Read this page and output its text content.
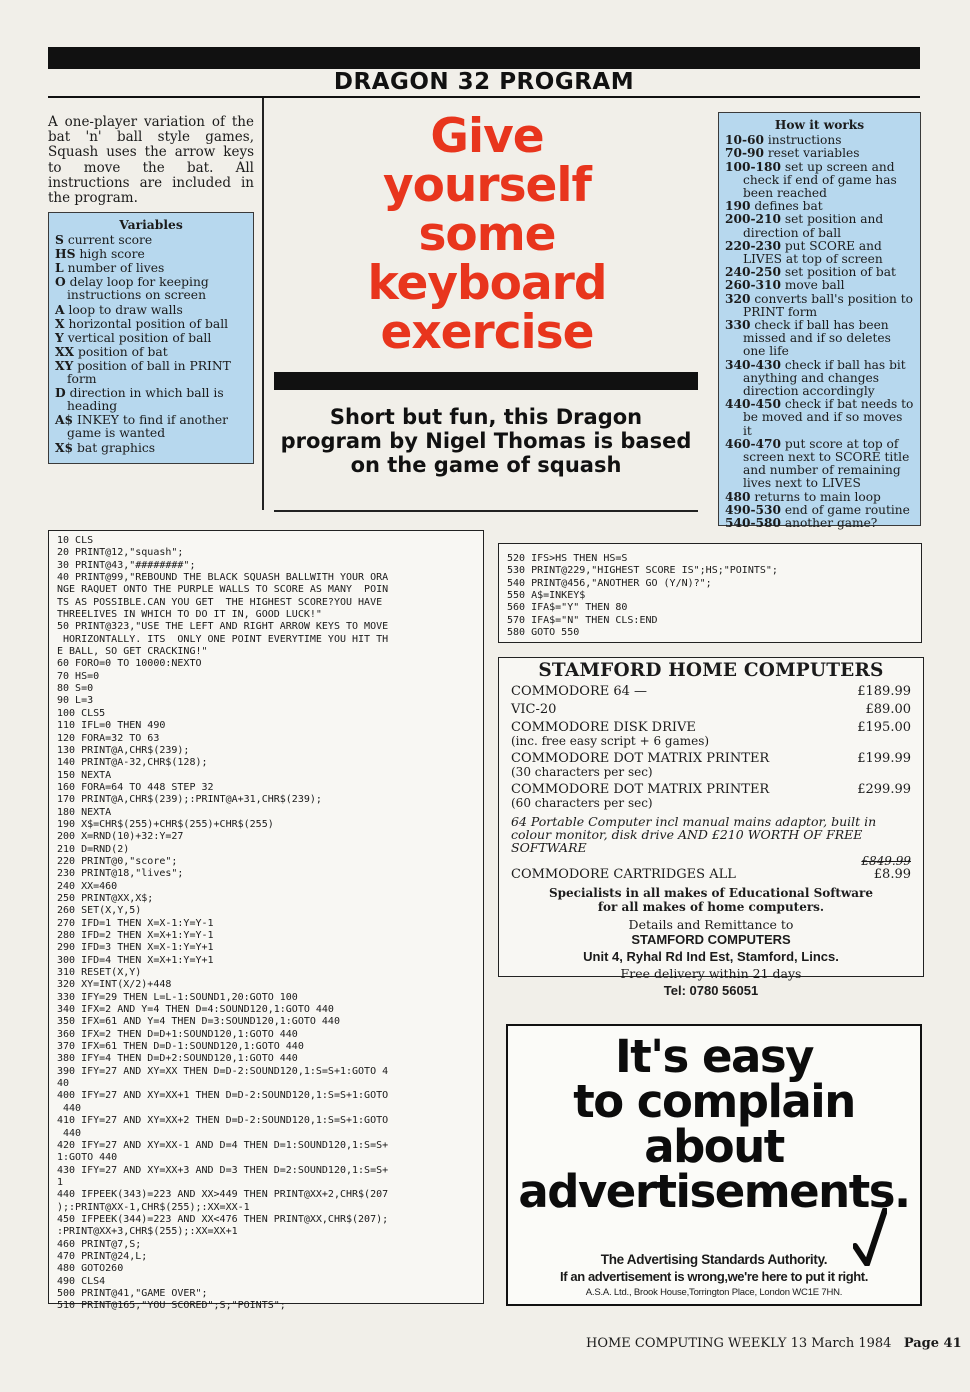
DRAGON 32 PROGRAM
A one-player variation of the bat 'n' ball style games, Squash uses the arrow keys to move the bat. All instructions are included in the program.
Variables
S current score
HS high score
L number of lives
O delay loop for keeping instructions on screen
A loop to draw walls
X horizontal position of ball
Y vertical position of ball
XX position of bat
XY position of ball in PRINT form
D direction in which ball is heading
A$ INKEY to find if another game is wanted
X$ bat graphics
Give
yourself
some
keyboard
exercise
Short but fun, this Dragon program by Nigel Thomas is based on the game of squash
How it works
10-60 instructions
70-90 reset variables
100-180 set up screen and check if end of game has been reached
190 defines bat
200-210 set position and direction of ball
220-230 put SCORE and LIVES at top of screen
240-250 set position of bat
260-310 move ball
320 converts ball's position to PRINT form
330 check if ball has been missed and if so deletes one life
340-430 check if ball has bit anything and changes direction accordingly
440-450 check if bat needs to be moved and if so moves it
460-470 put score at top of screen next to SCORE title and number of remaining lives next to LIVES
480 returns to main loop
490-530 end of game routine
540-580 another game?
10 CLS
20 PRINT@12,"squash";
30 PRINT@43,"########";
40 PRINT@99,"REBOUND THE BLACK SQUASH BALLWITH YOUR ORA
NGE RAQUET ONTO THE PURPLE WALLS TO SCORE AS MANY  POIN
TS AS POSSIBLE.CAN YOU GET  THE HIGHEST SCORE?YOU HAVE
THREELIVES IN WHICH TO DO IT IN, GOOD LUCK!"
50 PRINT@323,"USE THE LEFT AND RIGHT ARROW KEYS TO MOVE
HORIZONTALLY. ITS  ONLY ONE POINT EVERYTIME YOU HIT TH
E BALL, SO GET CRACKING!"
60 FORO=0 TO 10000:NEXTO
70 HS=0
80 S=0
90 L=3
100 CLS5
110 IFL=0 THEN 490
120 FORA=32 TO 63
130 PRINT@A,CHR$(239);
140 PRINT@A-32,CHR$(128);
150 NEXTA
160 FORA=64 TO 448 STEP 32
170 PRINT@A,CHR$(239);:PRINT@A+31,CHR$(239);
180 NEXTA
190 X$=CHR$(255)+CHR$(255)+CHR$(255)
200 X=RND(10)+32:Y=27
210 D=RND(2)
220 PRINT@0,"score";
230 PRINT@18,"lives";
240 XX=460
250 PRINT@XX,X$;
260 SET(X,Y,5)
270 IFD=1 THEN X=X-1:Y=Y-1
280 IFD=2 THEN X=X+1:Y=Y-1
290 IFD=3 THEN X=X-1:Y=Y+1
300 IFD=4 THEN X=X+1:Y=Y+1
310 RESET(X,Y)
320 XY=INT(X/2)+448
330 IFY=29 THEN L=L-1:SOUND1,20:GOTO 100
340 IFX=2 AND Y=4 THEN D=4:SOUND120,1:GOTO 440
350 IFX=61 AND Y=4 THEN D=3:SOUND120,1:GOTO 440
360 IFX=2 THEN D=D+1:SOUND120,1:GOTO 440
370 IFX=61 THEN D=D-1:SOUND120,1:GOTO 440
380 IFY=4 THEN D=D+2:SOUND120,1:GOTO 440
390 IFY=27 AND XY=XX THEN D=D-2:SOUND120,1:S=S+1:GOTO 4
40
400 IFY=27 AND XY=XX+1 THEN D=D-2:SOUND120,1:S=S+1:GOTO
440
410 IFY=27 AND XY=XX+2 THEN D=D-2:SOUND120,1:S=S+1:GOTO
440
420 IFY=27 AND XY=XX-1 AND D=4 THEN D=1:SOUND120,1:S=S+
1:GOTO 440
430 IFY=27 AND XY=XX+3 AND D=3 THEN D=2:SOUND120,1:S=S+
1
440 IFPEEK(343)=223 AND XX>449 THEN PRINT@XX+2,CHR$(207
);:PRINT@XX-1,CHR$(255);:XX=XX-1
450 IFPEEK(344)=223 AND XX<476 THEN PRINT@XX,CHR$(207);
:PRINT@XX+3,CHR$(255);:XX=XX+1
460 PRINT@7,S;
470 PRINT@24,L;
480 GOTO260
490 CLS4
500 PRINT@41,"GAME OVER";
510 PRINT@165,"YOU SCORED";S;"POINTS";
520 IFS>HS THEN HS=S
530 PRINT@229,"HIGHEST SCORE IS";HS;"POINTS";
540 PRINT@456,"ANOTHER GO (Y/N)?";
550 A$=INKEY$
560 IFA$="Y" THEN 80
570 IFA$="N" THEN CLS:END
580 GOTO 550
STAMFORD HOME COMPUTERS
COMMODORE 64 —	£189.99
VIC-20	£89.00
COMMODORE DISK DRIVE	£195.00
(inc. free easy script + 6 games)
COMMODORE DOT MATRIX PRINTER	£199.99
(30 characters per sec)
COMMODORE DOT MATRIX PRINTER	£299.99
(60 characters per sec)
64 Portable Computer incl manual mains adaptor, built in colour monitor, disk drive AND £210 WORTH OF FREE SOFTWARE
£849.99
COMMODORE CARTRIDGES ALL	£8.99
Specialists in all makes of Educational Software
for all makes of home computers.
Details and Remittance to
STAMFORD COMPUTERS
Unit 4, Ryhal Rd Ind Est, Stamford, Lincs.
Free delivery within 21 days
Tel: 0780 56051
It's easy
to complain
about
advertisements.
The Advertising Standards Authority.
If an advertisement is wrong,we're here to put it right.
A.S.A. Ltd., Brook House,Torrington Place, London WC1E 7HN.
HOME COMPUTING WEEKLY 13 March 1984 Page 41
